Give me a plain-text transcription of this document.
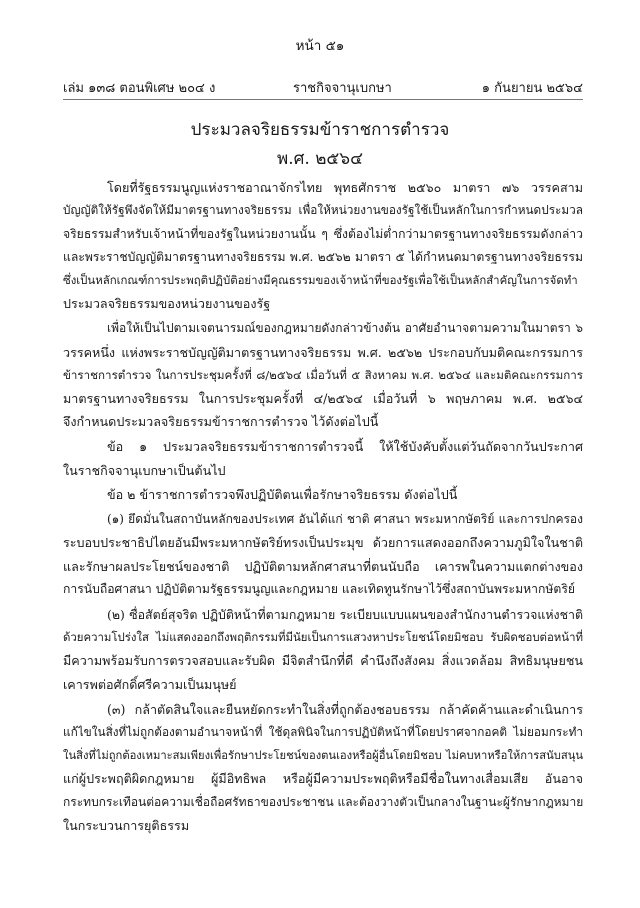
หน้า ๕๑
เล่ม ๑๓๘ ตอนพิเศษ ๒๐๔ ง	ราชกิจจานุเบกษา	๑ กันยายน ๒๕๖๔
ประมวลจริยธรรมข้าราชการตำรวจ
พ.ศ. ๒๕๖๔
โดยที่รัฐธรรมนูญแห่งราชอาณาจักรไทย พุทธศักราช ๒๕๖๐ มาตรา ๗๖ วรรคสาม
บัญญัติให้รัฐพึงจัดให้มีมาตรฐานทางจริยธรรม เพื่อให้หน่วยงานของรัฐใช้เป็นหลักในการกำหนดประมวล
จริยธรรมสำหรับเจ้าหน้าที่ของรัฐในหน่วยงานนั้น ๆ ซึ่งต้องไม่ต่ำกว่ามาตรฐานทางจริยธรรมดังกล่าว
และพระราชบัญญัติมาตรฐานทางจริยธรรม พ.ศ. ๒๕๖๒ มาตรา ๕ ได้กำหนดมาตรฐานทางจริยธรรม
ซึ่งเป็นหลักเกณฑ์การประพฤติปฏิบัติอย่างมีคุณธรรมของเจ้าหน้าที่ของรัฐเพื่อใช้เป็นหลักสำคัญในการจัดทำ
ประมวลจริยธรรมของหน่วยงานของรัฐ
เพื่อให้เป็นไปตามเจตนารมณ์ของกฎหมายดังกล่าวข้างต้น อาศัยอำนาจตามความในมาตรา ๖
วรรคหนึ่ง แห่งพระราชบัญญัติมาตรฐานทางจริยธรรม พ.ศ. ๒๕๖๒ ประกอบกับมติคณะกรรมการ
ข้าราชการตำรวจ ในการประชุมครั้งที่ ๘/๒๕๖๔ เมื่อวันที่ ๕ สิงหาคม พ.ศ. ๒๕๖๔ และมติคณะกรรมการ
มาตรฐานทางจริยธรรม ในการประชุมครั้งที่ ๔/๒๕๖๔ เมื่อวันที่ ๖ พฤษภาคม พ.ศ. ๒๕๖๔
จึงกำหนดประมวลจริยธรรมข้าราชการตำรวจ ไว้ดังต่อไปนี้
ข้อ ๑ ประมวลจริยธรรมข้าราชการตำรวจนี้ ให้ใช้บังคับตั้งแต่วันถัดจากวันประกาศ
ในราชกิจจานุเบกษาเป็นต้นไป
ข้อ ๒ ข้าราชการตำรวจพึงปฏิบัติตนเพื่อรักษาจริยธรรม ดังต่อไปนี้
(๑) ยึดมั่นในสถาบันหลักของประเทศ อันได้แก่ ชาติ ศาสนา พระมหากษัตริย์ และการปกครอง
ระบอบประชาธิปไตยอันมีพระมหากษัตริย์ทรงเป็นประมุข ด้วยการแสดงออกถึงความภูมิใจในชาติ
และรักษาผลประโยชน์ของชาติ ปฏิบัติตามหลักศาสนาที่ตนนับถือ เคารพในความแตกต่างของ
การนับถือศาสนา ปฏิบัติตามรัฐธรรมนูญและกฎหมาย และเทิดทูนรักษาไว้ซึ่งสถาบันพระมหากษัตริย์
(๒) ซื่อสัตย์สุจริต ปฏิบัติหน้าที่ตามกฎหมาย ระเบียบแบบแผนของสำนักงานตำรวจแห่งชาติ
ด้วยความโปร่งใส ไม่แสดงออกถึงพฤติกรรมที่มีนัยเป็นการแสวงหาประโยชน์โดยมิชอบ รับผิดชอบต่อหน้าที่
มีความพร้อมรับการตรวจสอบและรับผิด มีจิตสำนึกที่ดี คำนึงถึงสังคม สิ่งแวดล้อม สิทธิมนุษยชน
เคารพต่อศักดิ์ศรีความเป็นมนุษย์
(๓) กล้าตัดสินใจและยืนหยัดกระทำในสิ่งที่ถูกต้องชอบธรรม กล้าคัดค้านและดำเนินการ
แก้ไขในสิ่งที่ไม่ถูกต้องตามอำนาจหน้าที่ ใช้ดุลพินิจในการปฏิบัติหน้าที่โดยปราศจากอคติ ไม่ยอมกระทำ
ในสิ่งที่ไม่ถูกต้องเหมาะสมเพียงเพื่อรักษาประโยชน์ของตนเองหรือผู้อื่นโดยมิชอบ ไม่คบหาหรือให้การสนับสนุน
แก่ผู้ประพฤติผิดกฎหมาย ผู้มีอิทธิพล หรือผู้มีความประพฤติหรือมีชื่อในทางเสื่อมเสีย อันอาจ
กระทบกระเทือนต่อความเชื่อถือศรัทธาของประชาชน และต้องวางตัวเป็นกลางในฐานะผู้รักษากฎหมาย
ในกระบวนการยุติธรรม
